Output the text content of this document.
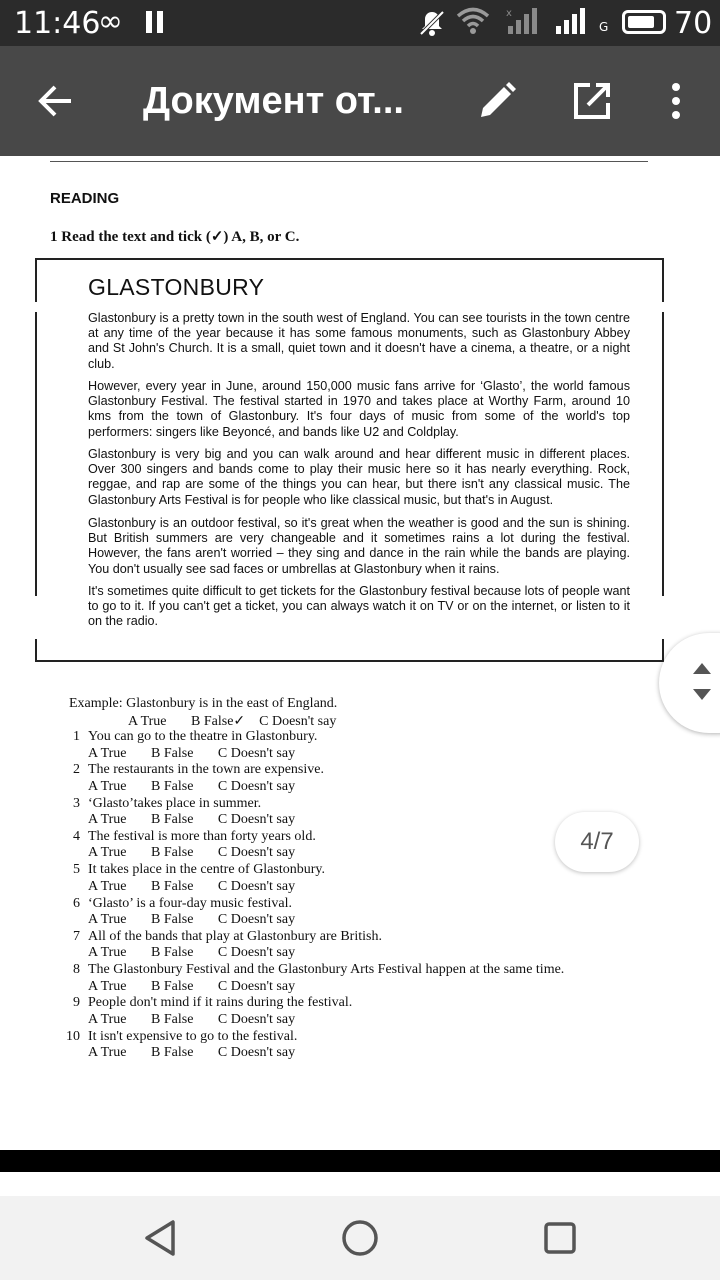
11:46
∞	x
G 70
Документ от...
READING
1 Read the text and tick (✓) A, B, or C.
GLASTONBURY

Glastonbury is a pretty town in the south west of England. You can see tourists in the town centre at any time of the year because it has some famous monuments, such as Glastonbury Abbey and St John's Church. It is a small, quiet town and it doesn't have a cinema, a theatre, or a night club.

However, every year in June, around 150,000 music fans arrive for ‘Glasto’, the world famous Glastonbury Festival. The festival started in 1970 and takes place at Worthy Farm, around 10 kms from the town of Glastonbury. It's four days of music from some of the world's top performers: singers like Beyoncé, and bands like U2 and Coldplay.

Glastonbury is very big and you can walk around and hear different music in different places. Over 300 singers and bands come to play their music here so it has nearly everything. Rock, reggae, and rap are some of the things you can hear, but there isn't any classical music. The Glastonbury Arts Festival is for people who like classical music, but that's in August.

Glastonbury is an outdoor festival, so it's great when the weather is good and the sun is shining. But British summers are very changeable and it sometimes rains a lot during the festival. However, the fans aren't worried – they sing and dance in the rain while the bands are playing. You don't usually see sad faces or umbrellas at Glastonbury when it rains.

It's sometimes quite difficult to get tickets for the Glastonbury festival because lots of people want to go to it. If you can't get a ticket, you can always watch it on TV or on the internet, or listen to it on the radio.

Example: Glastonbury is in the east of England.
A True       B False✓    C Doesn't say
4/7
1 You can go to the theatre in Glastonbury.
A True       B False       C Doesn't say
2 The restaurants in the town are expensive.
A True       B False       C Doesn't say
3 ‘Glasto’takes place in summer.
A True       B False       C Doesn't say
4 The festival is more than forty years old.
A True       B False       C Doesn't say
5 It takes place in the centre of Glastonbury.
A True       B False       C Doesn't say
6 ‘Glasto’ is a four-day music festival.
A True       B False       C Doesn't say
7 All of the bands that play at Glastonbury are British.
A True       B False       C Doesn't say
8 The Glastonbury Festival and the Glastonbury Arts Festival happen at the same time.
A True       B False       C Doesn't say
9 People don't mind if it rains during the festival.
A True       B False       C Doesn't say
10 It isn't expensive to go to the festival.
A True       B False       C Doesn't say
